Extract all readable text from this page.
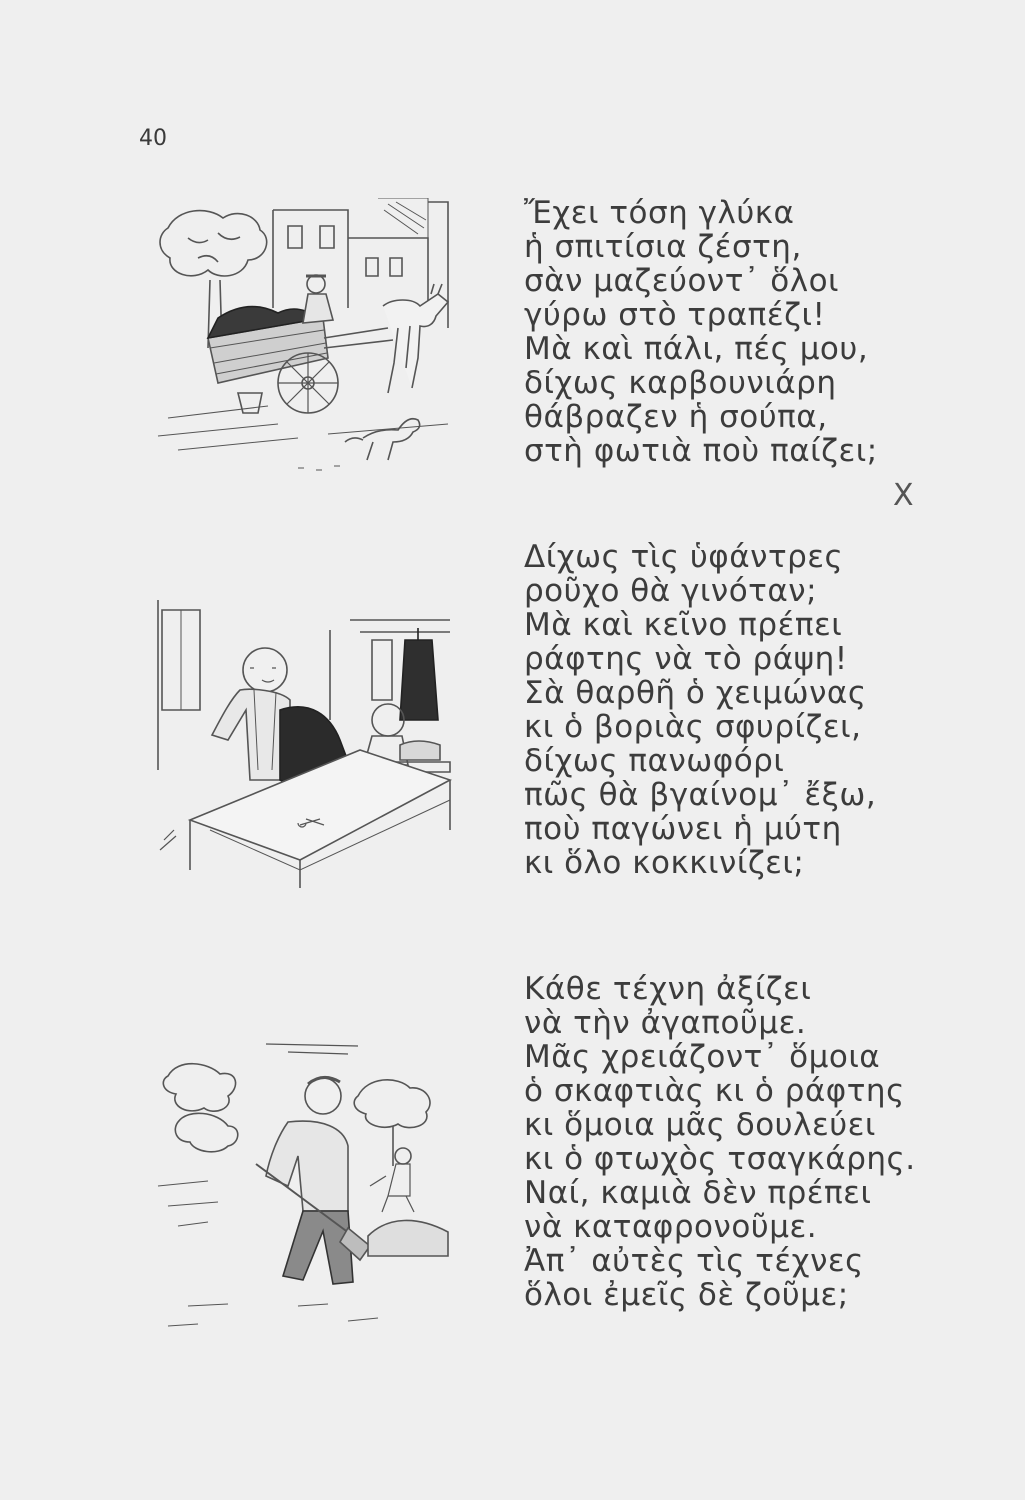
40
Ἔχει τόση γλύκα
ἡ σπιτίσια ζέστη,
σὰν μαζεύοντ᾽ ὅλοι
γύρω στὸ τραπέζι!
Μὰ καὶ πάλι, πές μου,
δίχως καρβουνιάρη
θάβραζεν ἡ σούπα,
στὴ φωτιὰ ποὺ παίζει;
X
Δίχως τὶς ὑφάντρες
ροῦχο θὰ γινόταν;
Μὰ καὶ κεῖνο πρέπει
ράφτης νὰ τὸ ράψη!
Σὰ θαρθῆ ὁ χειμώνας
κι ὁ βοριὰς σφυρίζει,
δίχως πανωφόρι
πῶς θὰ βγαίνομ᾽ ἔξω,
ποὺ παγώνει ἡ μύτη
κι ὅλο κοκκινίζει;
Κάθε τέχνη ἀξίζει
νὰ τὴν ἀγαποῦμε.
Μᾶς χρειάζοντ᾽ ὅμοια
ὁ σκαφτιὰς κι ὁ ράφτης
κι ὅμοια μᾶς δουλεύει
κι ὁ φτωχὸς τσαγκάρης.
Ναί, καμιὰ δὲν πρέπει
νὰ καταφρονοῦμε.
Ἀπ᾽ αὐτὲς τὶς τέχνες
ὅλοι ἐμεῖς δὲ ζοῦμε;
